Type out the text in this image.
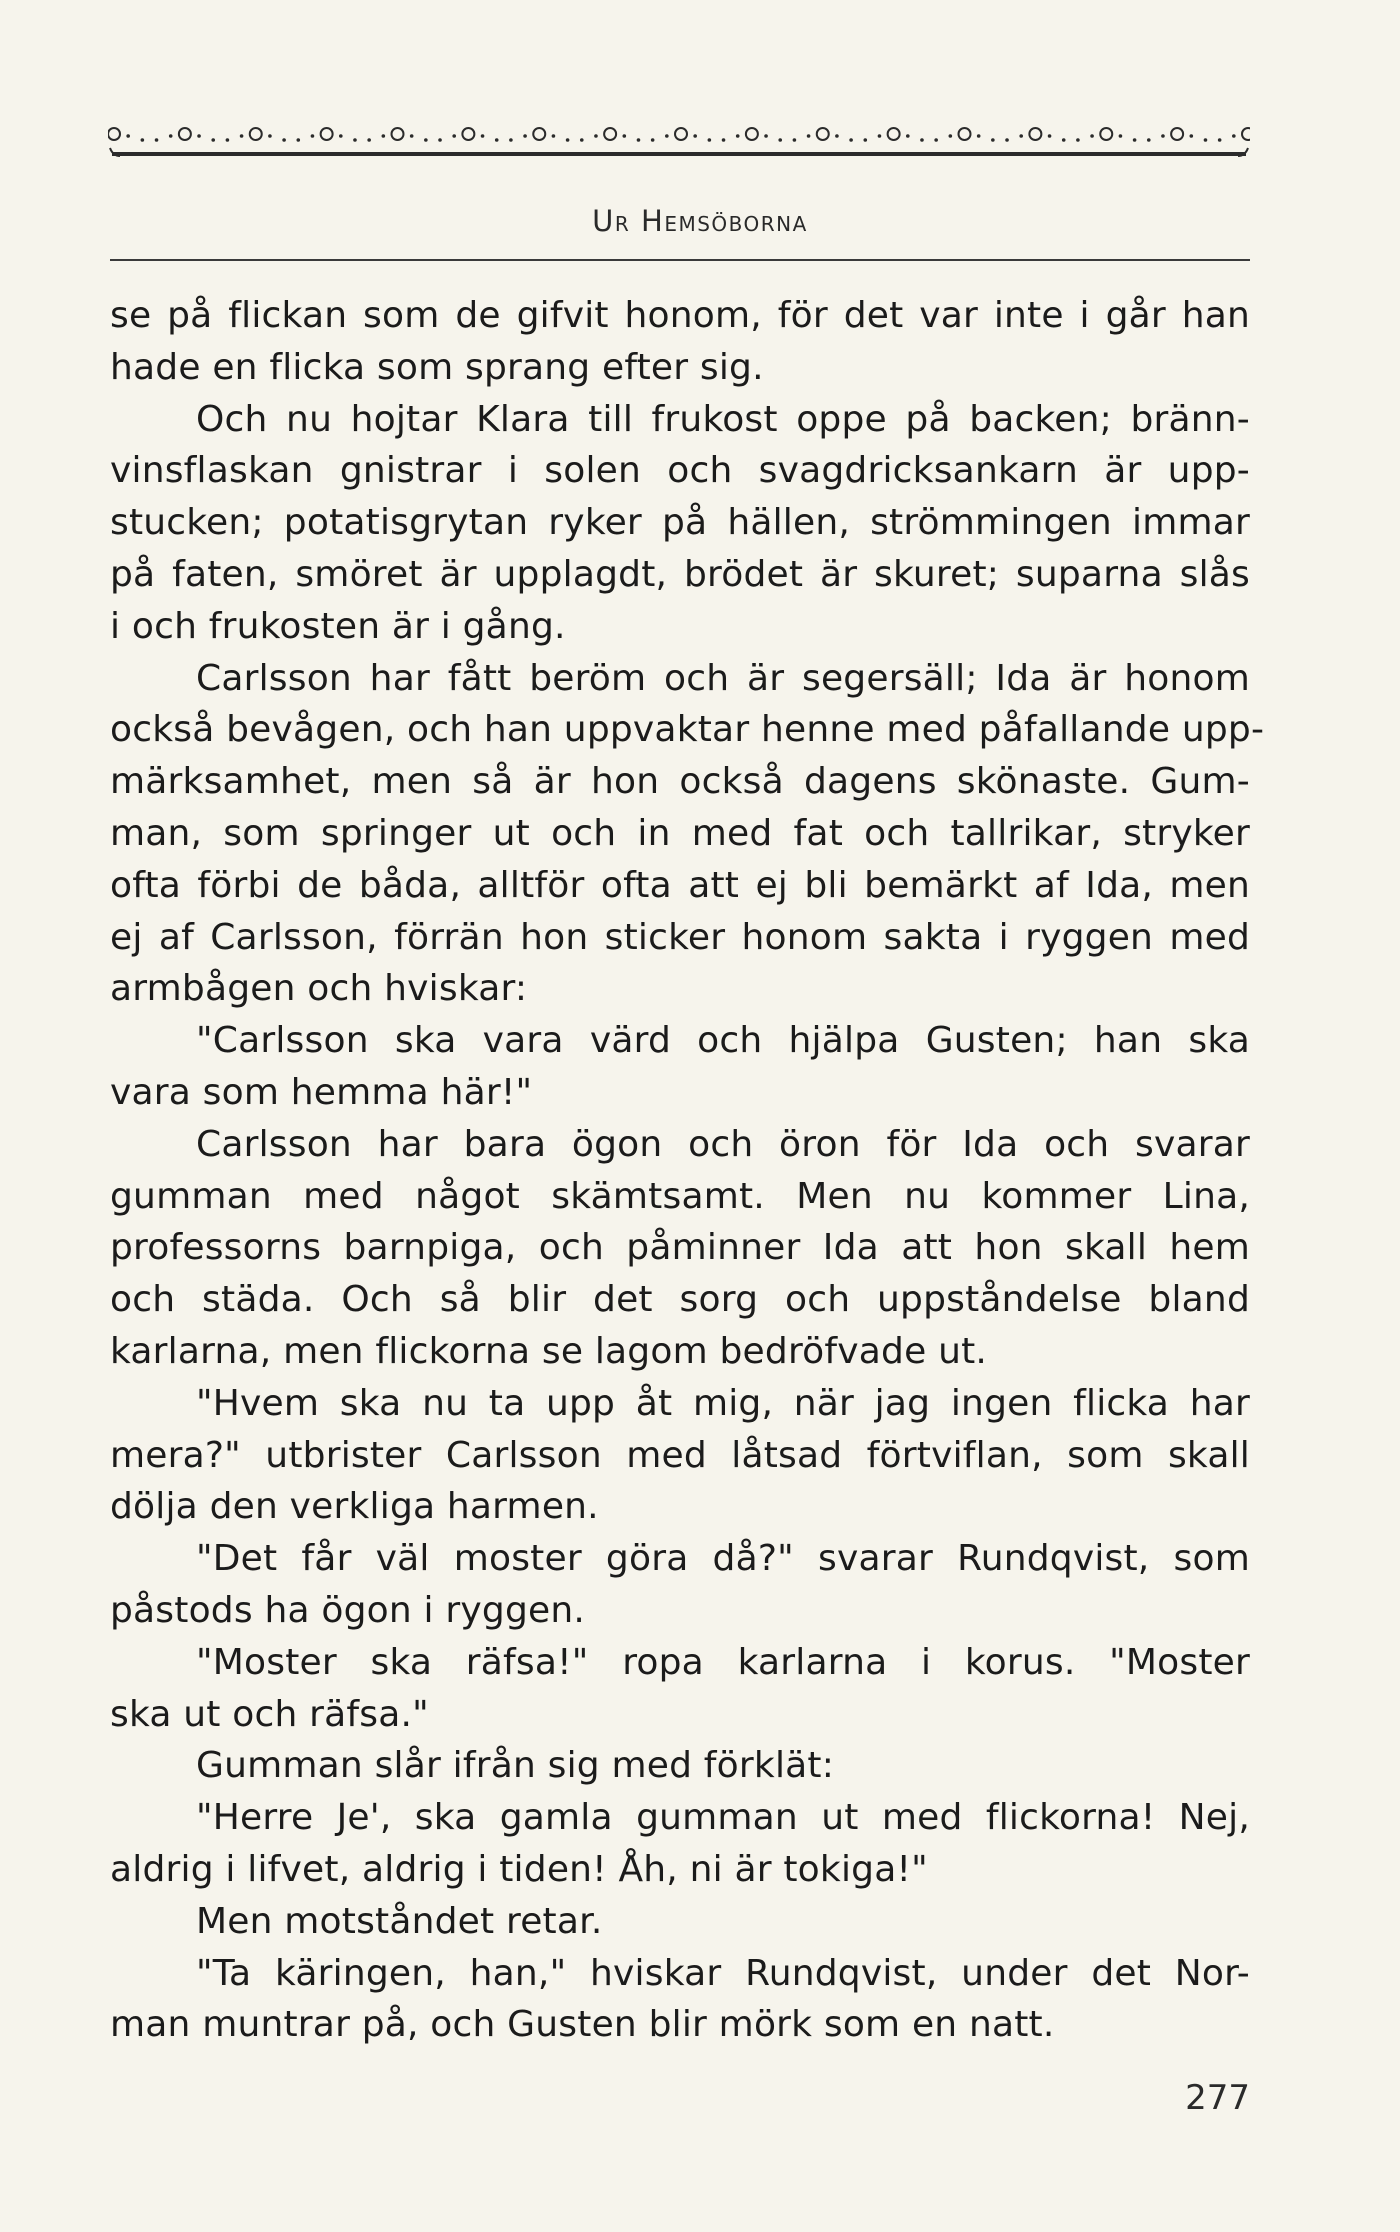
Ur Hemsöborna
se på flickan som de gifvit honom, för det var inte i går han
hade en flicka som sprang efter sig.
Och nu hojtar Klara till frukost oppe på backen; bränn-
vinsflaskan gnistrar i solen och svagdricksankarn är upp-
stucken; potatisgrytan ryker på hällen, strömmingen immar
på faten, smöret är upplagdt, brödet är skuret; suparna slås
i och frukosten är i gång.
Carlsson har fått beröm och är segersäll; Ida är honom
också bevågen, och han uppvaktar henne med påfallande upp-
märksamhet, men så är hon också dagens skönaste. Gum-
man, som springer ut och in med fat och tallrikar, stryker
ofta förbi de båda, alltför ofta att ej bli bemärkt af Ida, men
ej af Carlsson, förrän hon sticker honom sakta i ryggen med
armbågen och hviskar:
"Carlsson ska vara värd och hjälpa Gusten; han ska
vara som hemma här!"
Carlsson har bara ögon och öron för Ida och svarar
gumman med något skämtsamt. Men nu kommer Lina,
professorns barnpiga, och påminner Ida att hon skall hem
och städa. Och så blir det sorg och uppståndelse bland
karlarna, men flickorna se lagom bedröfvade ut.
"Hvem ska nu ta upp åt mig, när jag ingen flicka har
mera?" utbrister Carlsson med låtsad förtviflan, som skall
dölja den verkliga harmen.
"Det får väl moster göra då?" svarar Rundqvist, som
påstods ha ögon i ryggen.
"Moster ska räfsa!" ropa karlarna i korus. "Moster
ska ut och räfsa."
Gumman slår ifrån sig med förklät:
"Herre Je', ska gamla gumman ut med flickorna! Nej,
aldrig i lifvet, aldrig i tiden! Åh, ni är tokiga!"
Men motståndet retar.
"Ta käringen, han," hviskar Rundqvist, under det Nor-
man muntrar på, och Gusten blir mörk som en natt.
277
